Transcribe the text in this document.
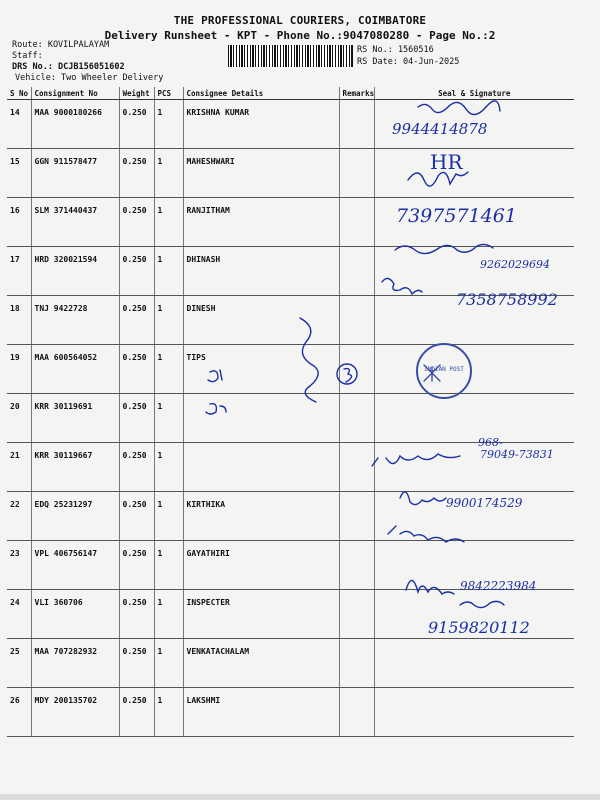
THE PROFESSIONAL COURIERS, COIMBATORE
Delivery Runsheet - KPT - Phone No.:9047080280 - Page No.:2
Route: KOVILPALAYAM
Staff:
DRS No.: DCJB156051602
Vehicle: Two Wheeler Delivery
RS No.: 1560516
RS Date: 04-Jun-2025
S No	Consignment No	Weight	PCS	Consignee Details	Remarks	Seal & Signature
14	MAA 9000180266	0.250	1	KRISHNA KUMAR		
15	GGN 911578477	0.250	1	MAHESHWARI		
16	SLM 371440437	0.250	1	RANJITHAM		
17	HRD 320021594	0.250	1	DHINASH		
18	TNJ 9422728	0.250	1	DINESH		
19	MAA 600564052	0.250	1	TIPS		
20	KRR 30119691	0.250	1			
21	KRR 30119667	0.250	1			
22	EDQ 25231297	0.250	1	KIRTHIKA		
23	VPL 406756147	0.250	1	GAYATHIRI		
24	VLI 360706	0.250	1	INSPECTER		
25	MAA 707282932	0.250	1	VENKATACHALAM		
26	MDY 200135702	0.250	1	LAKSHMI		
9944414878
HR
7397571461
9262029694
7358758992
INDIAN POST
968-
79049-73831
9900174529
9842223984
9159820112
